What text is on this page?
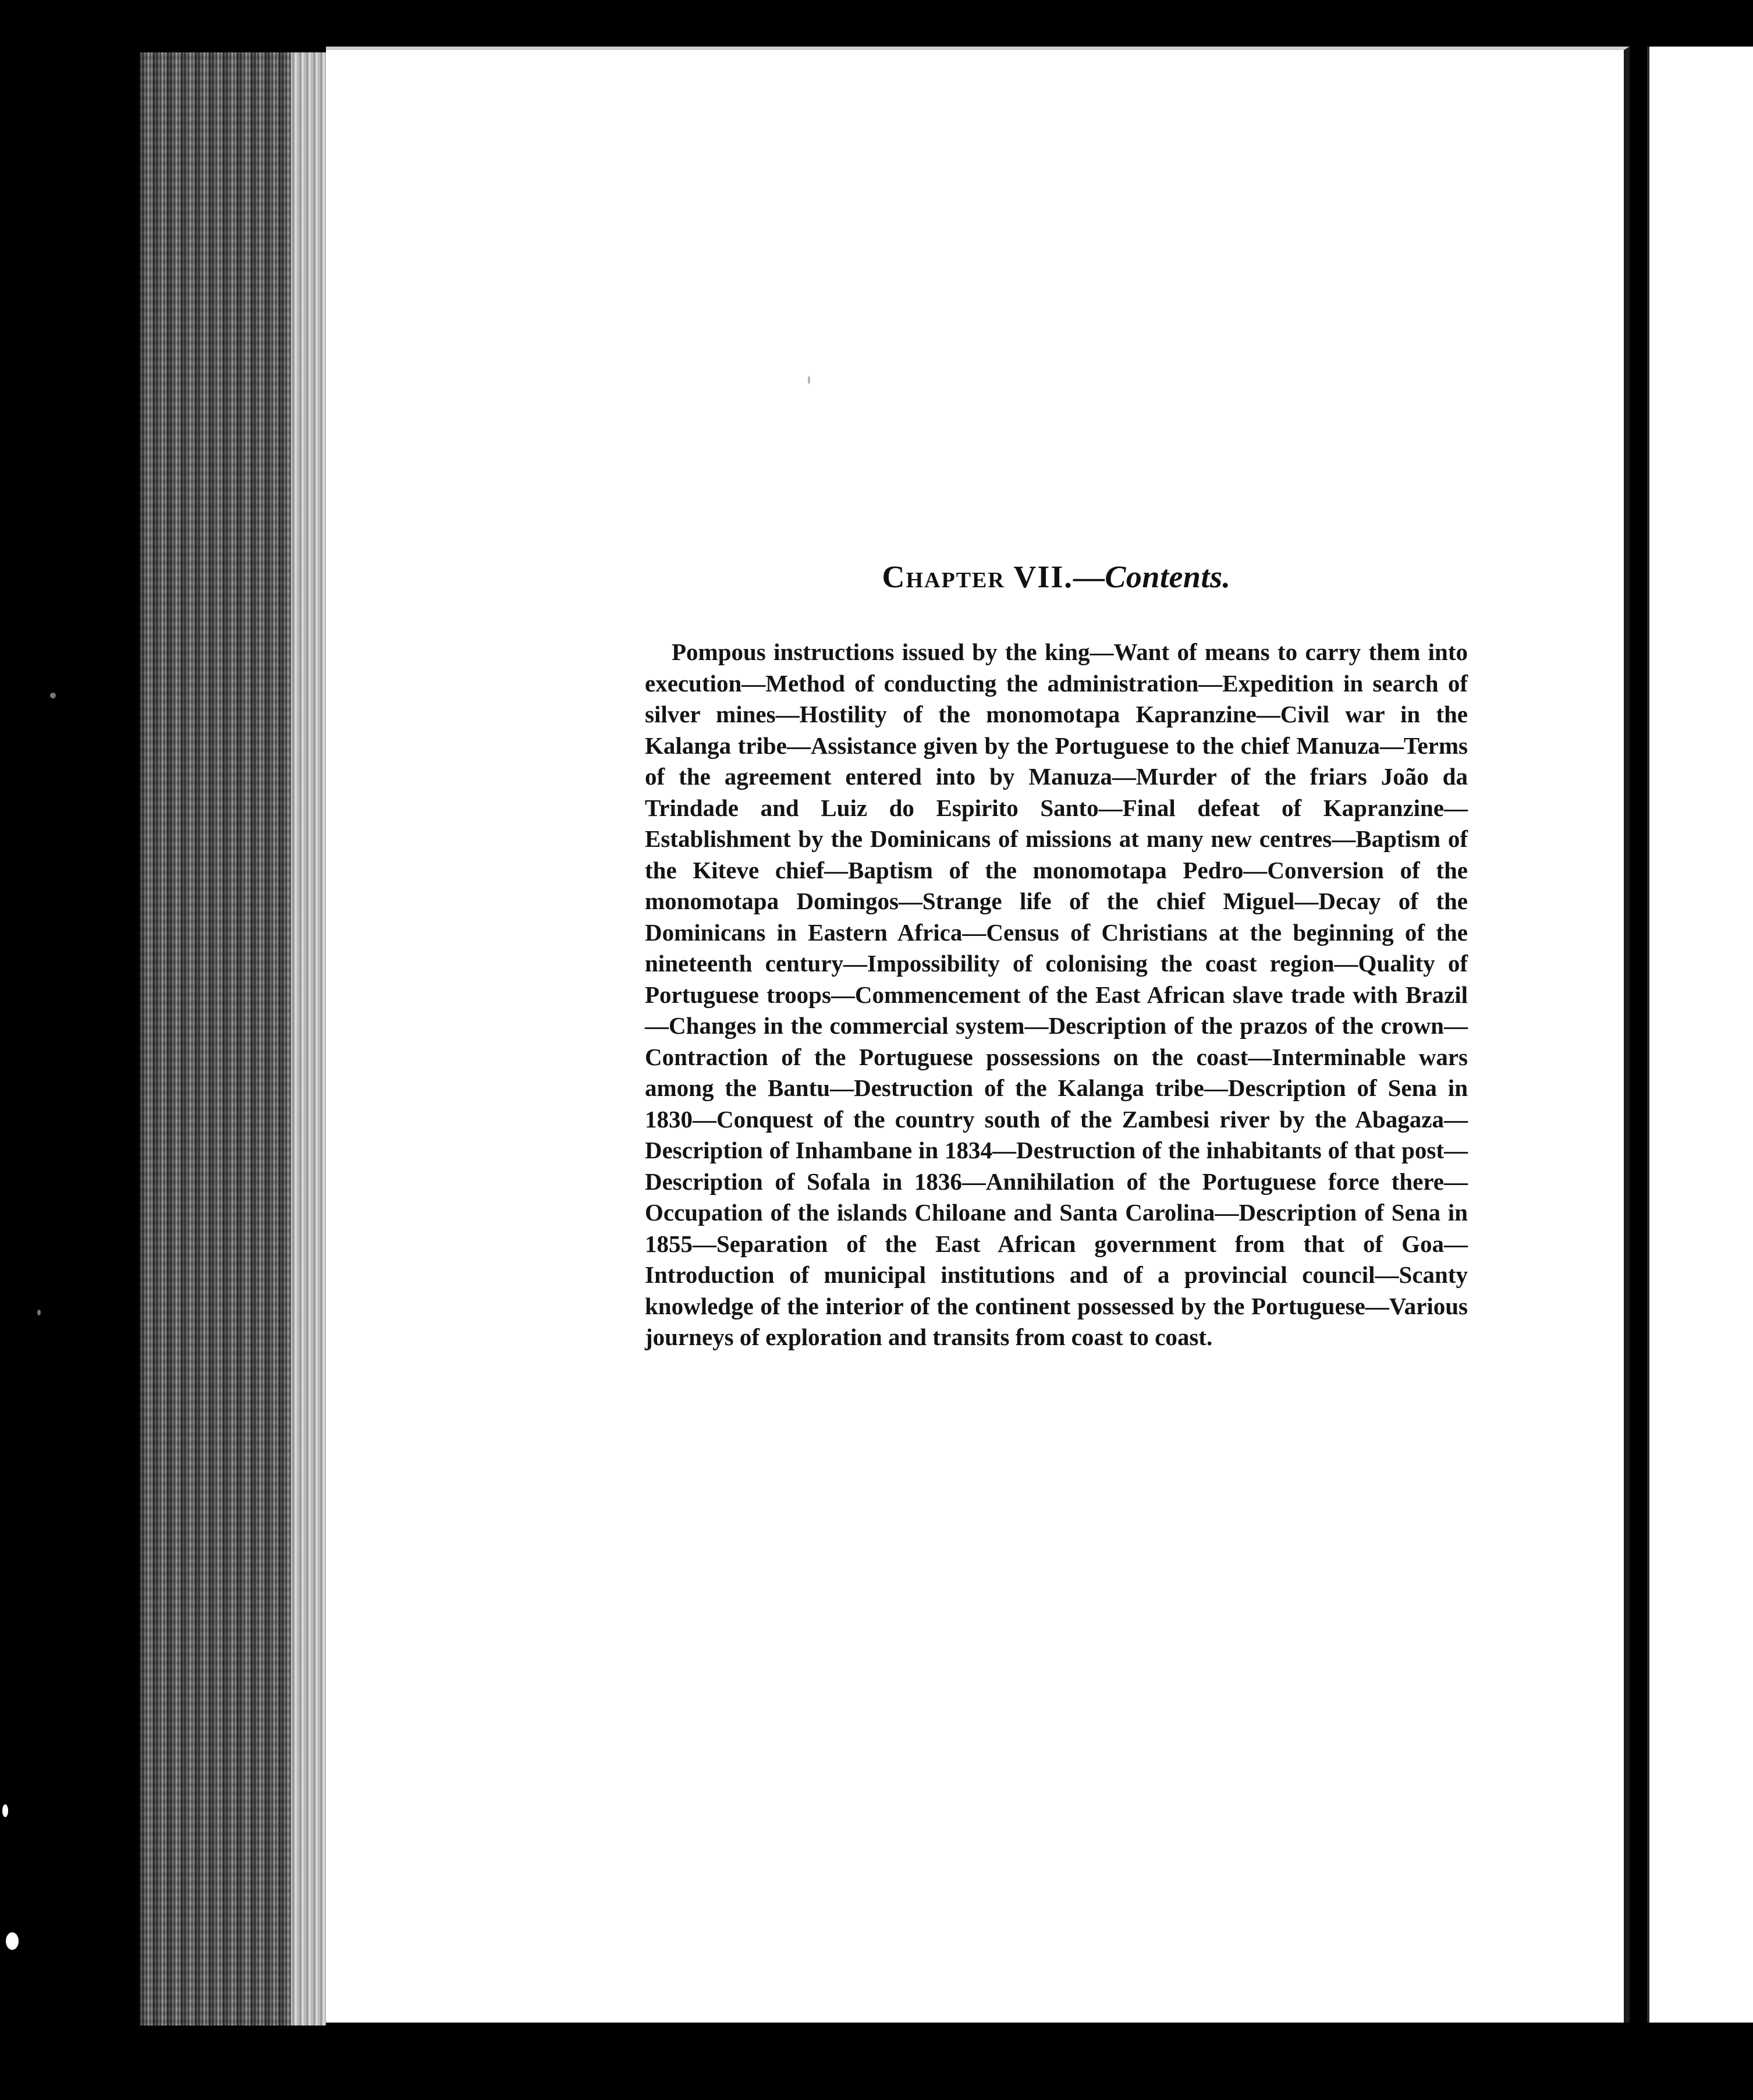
Chapter VII.—Contents.

Pompous instructions issued by the king—Want of means to carry them into execution—Method of conducting the administration—Expedition in search of silver mines—Hostility of the monomotapa Kapranzine—Civil war in the Kalanga tribe—Assistance given by the Portuguese to the chief Manuza—Terms of the agreement entered into by Manuza—Murder of the friars João da Trindade and Luiz do Espirito Santo—Final defeat of Kapranzine—Establishment by the Dominicans of missions at many new centres—Baptism of the Kiteve chief—Baptism of the monomotapa Pedro—Conversion of the monomotapa Domingos—Strange life of the chief Miguel—Decay of the Dominicans in Eastern Africa—Census of Christians at the beginning of the nineteenth century—Impossibility of colonising the coast region—Quality of Portuguese troops—Commencement of the East African slave trade with Brazil—Changes in the commercial system—Description of the prazos of the crown—Contraction of the Portuguese possessions on the coast—Interminable wars among the Bantu—Destruction of the Kalanga tribe—Description of Sena in 1830—Conquest of the country south of the Zambesi river by the Abagaza—Description of Inhambane in 1834—Destruction of the inhabitants of that post—Description of Sofala in 1836—Annihilation of the Portuguese force there—Occupation of the islands Chiloane and Santa Carolina—Description of Sena in 1855—Separation of the East African government from that of Goa—Introduction of municipal institutions and of a provincial council—Scanty knowledge of the interior of the continent possessed by the Portuguese—Various journeys of exploration and transits from coast to coast.
